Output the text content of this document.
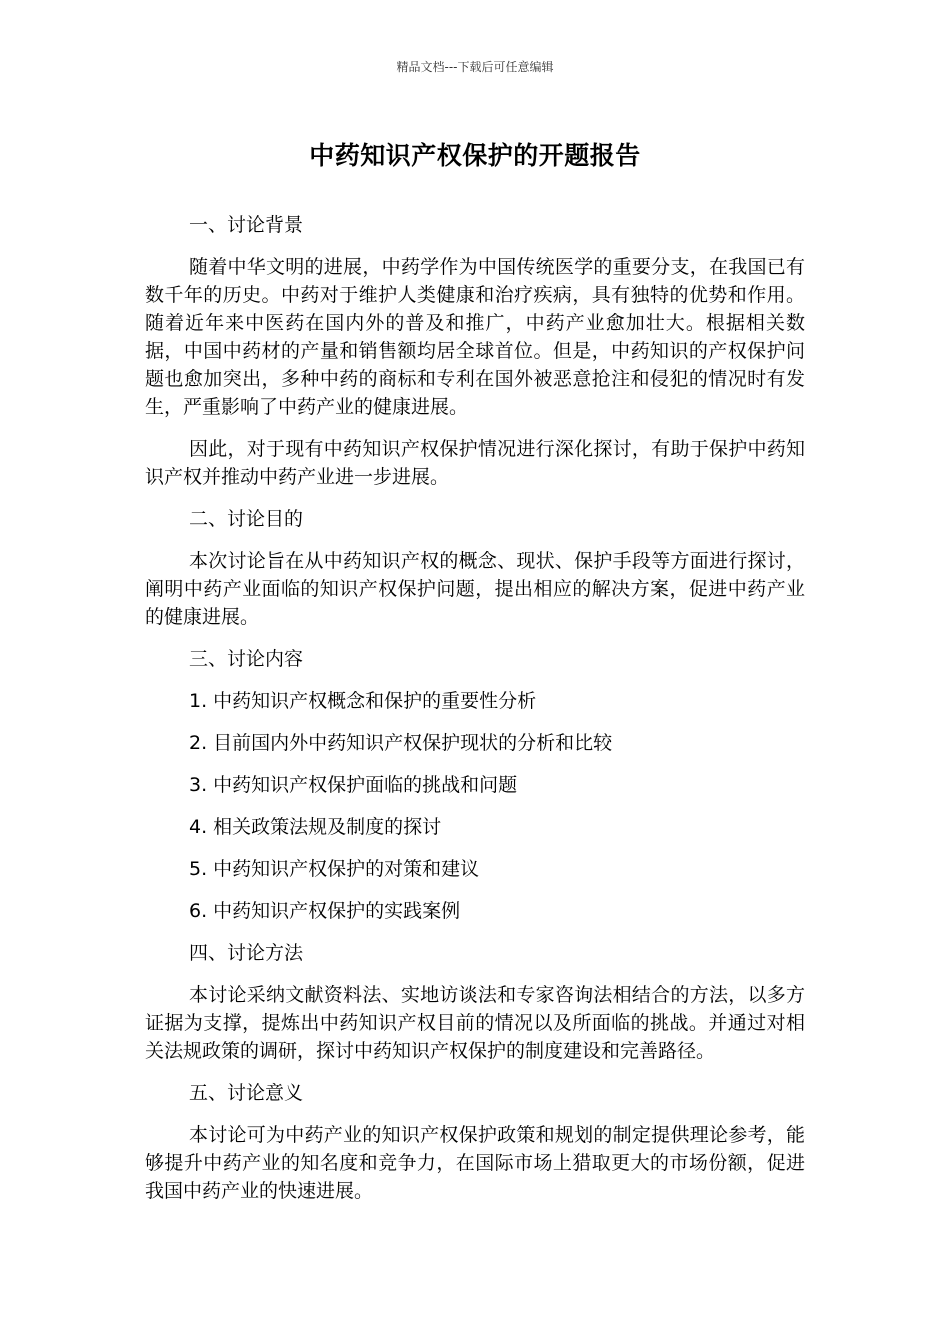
精品文档---下载后可任意编辑
中药知识产权保护的开题报告
一、讨论背景

随着中华文明的进展，中药学作为中国传统医学的重要分支，在我国已有数千年的历史。中药对于维护人类健康和治疗疾病，具有独特的优势和作用。随着近年来中医药在国内外的普及和推广，中药产业愈加壮大。根据相关数据，中国中药材的产量和销售额均居全球首位。但是，中药知识的产权保护问题也愈加突出，多种中药的商标和专利在国外被恶意抢注和侵犯的情况时有发生，严重影响了中药产业的健康进展。

因此，对于现有中药知识产权保护情况进行深化探讨，有助于保护中药知识产权并推动中药产业进一步进展。

二、讨论目的

本次讨论旨在从中药知识产权的概念、现状、保护手段等方面进行探讨，阐明中药产业面临的知识产权保护问题，提出相应的解决方案，促进中药产业的健康进展。

三、讨论内容
1. 中药知识产权概念和保护的重要性分析
2. 目前国内外中药知识产权保护现状的分析和比较
3. 中药知识产权保护面临的挑战和问题
4. 相关政策法规及制度的探讨
5. 中药知识产权保护的对策和建议
6. 中药知识产权保护的实践案例
四、讨论方法

本讨论采纳文献资料法、实地访谈法和专家咨询法相结合的方法，以多方证据为支撑，提炼出中药知识产权目前的情况以及所面临的挑战。并通过对相关法规政策的调研，探讨中药知识产权保护的制度建设和完善路径。

五、讨论意义

本讨论可为中药产业的知识产权保护政策和规划的制定提供理论参考，能够提升中药产业的知名度和竞争力，在国际市场上猎取更大的市场份额，促进我国中药产业的快速进展。
